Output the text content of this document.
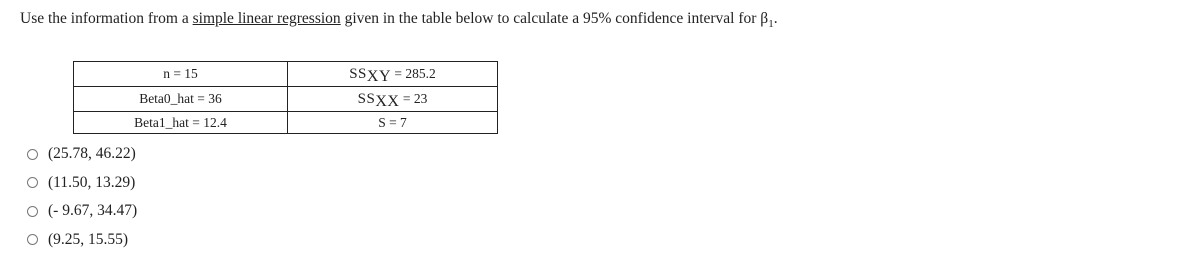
Use the information from a simple linear regression given in the table below to calculate a 95% confidence interval for $\beta_1$.
n = 15	SSXY = 285.2
Beta0_hat = 36	SSXX = 23
Beta1_hat = 12.4	S = 7
(25.78, 46.22)
(11.50, 13.29)
(- 9.67, 34.47)
(9.25, 15.55)
